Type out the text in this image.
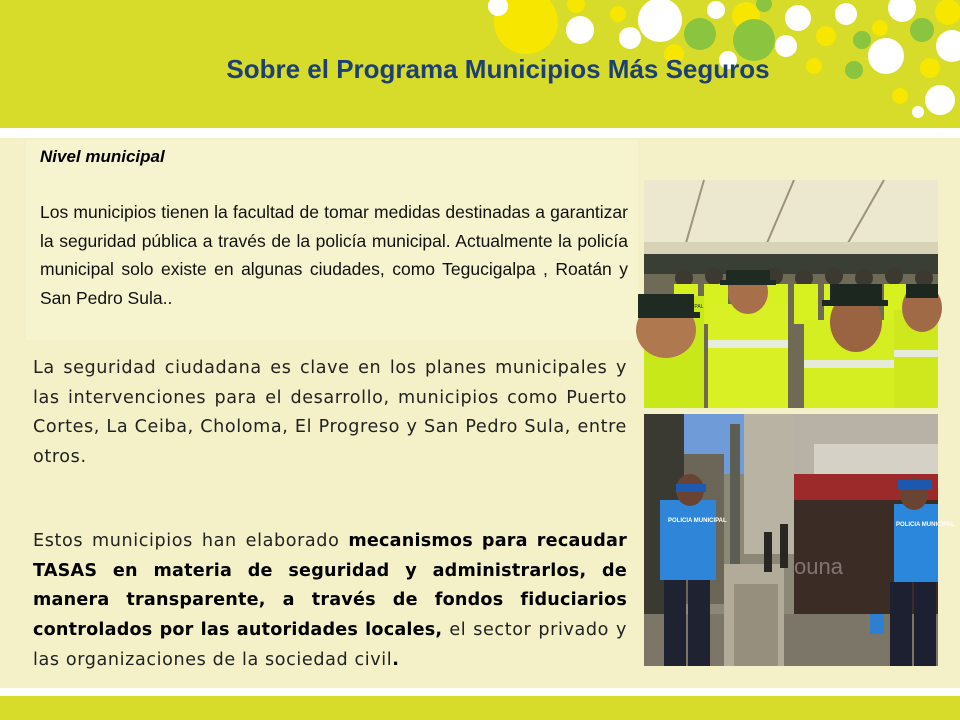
Sobre el Programa Municipios Más Seguros
Nivel municipal
Los municipios tienen la facultad de tomar medidas destinadas a garantizar la seguridad pública a través de la policía municipal. Actualmente la policía municipal solo existe en algunas ciudades, como Tegucigalpa , Roatán y San Pedro Sula..
La seguridad ciudadana es clave en los planes municipales y las intervenciones para el desarrollo, municipios como Puerto Cortes, La Ceiba, Choloma, El Progreso y San Pedro Sula, entre otros.
Estos municipios han elaborado mecanismos para recaudar TASAS en materia de seguridad y administrarlos, de manera transparente, a través de fondos fiduciarios controlados por las autoridades locales, el sector privado y las organizaciones de la sociedad civil.
TRANSITO MUNICIPAL
POLICIA MUNICIPAL
POLICIA MUNICIPAL
ouna
